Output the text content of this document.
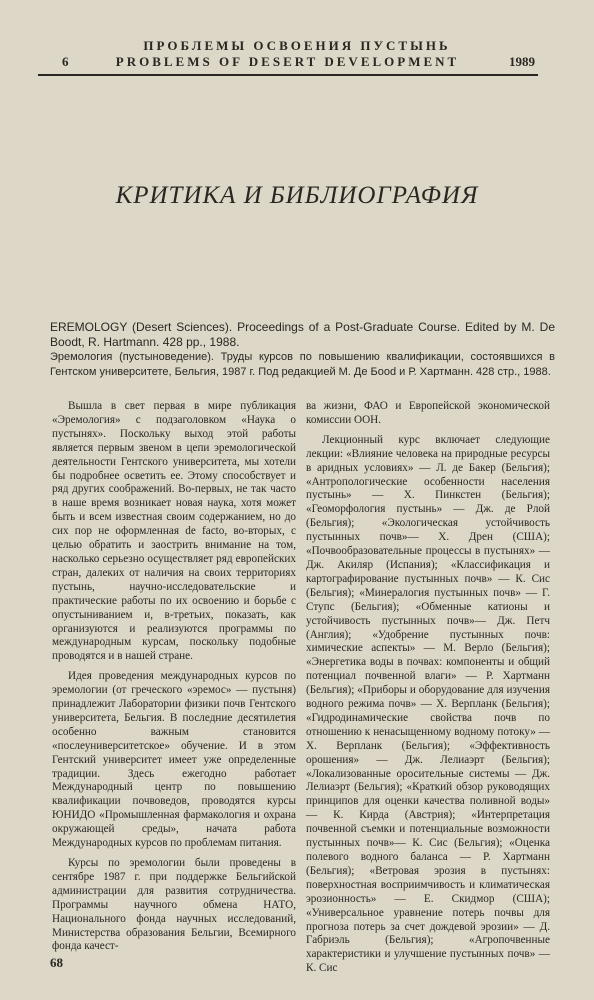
ПРОБЛЕМЫ ОСВОЕНИЯ ПУСТЫНЬ
PROBLEMS OF DESERT DEVELOPMENT
6	1989
КРИТИКА И БИБЛИОГРАФИЯ
EREMOLOGY (Desert Sciences). Proceedings of a Post-Graduate Course. Edited by M. De Boodt, R. Hartmann. 428 pp., 1988.
Эремология (пустыноведение). Труды курсов по повышению квалификации, состоявшихся в Гентском университете, Бельгия, 1987 г. Под редакцией М. Де Бood и Р. Хартманн. 428 стр., 1988.

Вышла в свет первая в мире публикация «Эремология» с подзаголовком «Наука о пустынях». Поскольку выход этой работы является первым звеном в цепи эремологической деятельности Гентского университета, мы хотели бы подробнее осветить ее. Этому способствует и ряд других соображений. Во-первых, не так часто в наше время возникает новая наука, хотя может быть и всем известная своим содержанием, но до сих пор не оформленная de facto, во-вторых, с целью обратить и заострить внимание на том, насколько серьезно осуществляет ряд европейских стран, далеких от наличия на своих территориях пустынь, научно-исследовательские и практические работы по их освоению и борьбе с опустыниванием и, в-третьих, показать, как организуются и реализуются программы по международным курсам, поскольку подобные проводятся и в нашей стране.

Идея проведения международных курсов по эремологии (от греческого «эремос» — пустыня) принадлежит Лаборатории физики почв Гентского университета, Бельгия. В последние десятилетия особенно важным становится «послеуниверситетское» обучение. И в этом Гентский университет имеет уже определенные традиции. Здесь ежегодно работает Международный центр по повышению квалификации почвоведов, проводятся курсы ЮНИДО «Промышленная фармакология и охрана окружающей среды», начата работа Международных курсов по проблемам питания.

Курсы по эремологии были проведены в сентябре 1987 г. при поддержке Бельгийской администрации для развития сотрудничества. Программы научного обмена НАТО, Национального фонда научных исследований, Министерства образования Бельгии, Всемирного фонда качест-

ва жизни, ФАО и Европейской экономической комиссии ООН.

Лекционный курс включает следующие лекции: «Влияние человека на природные ресурсы в аридных условиях» — Л. де Бакер (Бельгия); «Антропологические особенности населения пустынь» — Х. Пинкстен (Бельгия); «Геоморфология пустынь» — Дж. де Рлой (Бельгия); «Экологическая устойчивость пустынных почв»— Х. Дрен (США); «Почвообразовательные процессы в пустынях» — Дж. Акиляр (Испания); «Классификация и картографирование пустынных почв» — К. Сис (Бельгия); «Минералогия пустынных почв» — Г. Ступс (Бельгия); «Обменные катионы и устойчивость пустынных почв»— Дж. Петч (Англия); «Удобрение пустынных почв: химические аспекты» — М. Верло (Бельгия); «Энергетика воды в почвах: компоненты и общий потенциал почвенной влаги» — Р. Хартманн (Бельгия); «Приборы и оборудование для изучения водного режима почв» — Х. Верпланк (Бельгия); «Гидродинамические свойства почв по отношению к ненасыщенному водному потоку» — Х. Верпланк (Бельгия); «Эффективность орошения» — Дж. Лелиаэрт (Бельгия); «Локализованные оросительные системы — Дж. Лелиаэрт (Бельгия); «Краткий обзор руководящих принципов для оценки качества поливной воды» — К. Кирда (Австрия); «Интерпретация почвенной съемки и потенциальные возможности пустынных почв»— К. Сис (Бельгия); «Оценка полевого водного баланса — Р. Хартманн (Бельгия); «Ветровая эрозия в пустынях: поверхностная восприимчивость и климатическая эрозионность» — Е. Скидмор (США); «Универсальное уравнение потерь почвы для прогноза потерь за счет дождевой эрозии» — Д. Габриэль (Бельгия); «Агропочвенные характеристики и улучшение пустынных почв» — К. Сис

68
